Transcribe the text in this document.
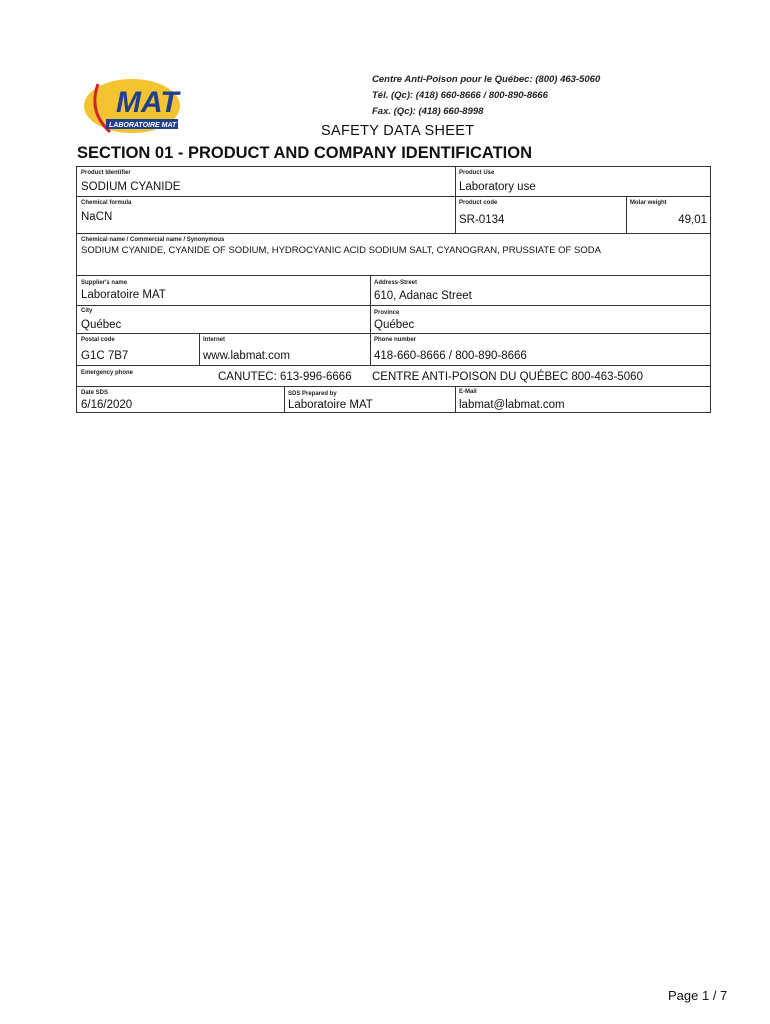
MAT
LABORATOIRE MAT
Centre Anti-Poison pour le Québec: (800) 463-5060
Tél. (Qc): (418) 660-8666 / 800-890-8666
Fax. (Qc): (418) 660-8998
SAFETY DATA SHEET
SECTION 01 - PRODUCT AND COMPANY IDENTIFICATION
Product Identifier
SODIUM CYANIDE
Product Use
Laboratory use
Chemical formula
NaCN
Product code
SR-0134
Molar weight
49,01
Chemical name / Commercial name / Synonymous
SODIUM CYANIDE, CYANIDE OF SODIUM, HYDROCYANIC ACID SODIUM SALT, CYANOGRAN, PRUSSIATE OF SODA
Supplier's name
Laboratoire MAT
Address-Street
610, Adanac Street
City
Québec
Province
Québec
Postal code
G1C 7B7
Internet
www.labmat.com
Phone number
418-660-8666 / 800-890-8666
Emergency phone	CANUTEC: 613-996-6666 CENTRE ANTI-POISON DU QUÉBEC 800-463-5060
Date SDS
6/16/2020
SDS Prepared by
Laboratoire MAT
E-Mail
labmat@labmat.com
Page 1 / 7
